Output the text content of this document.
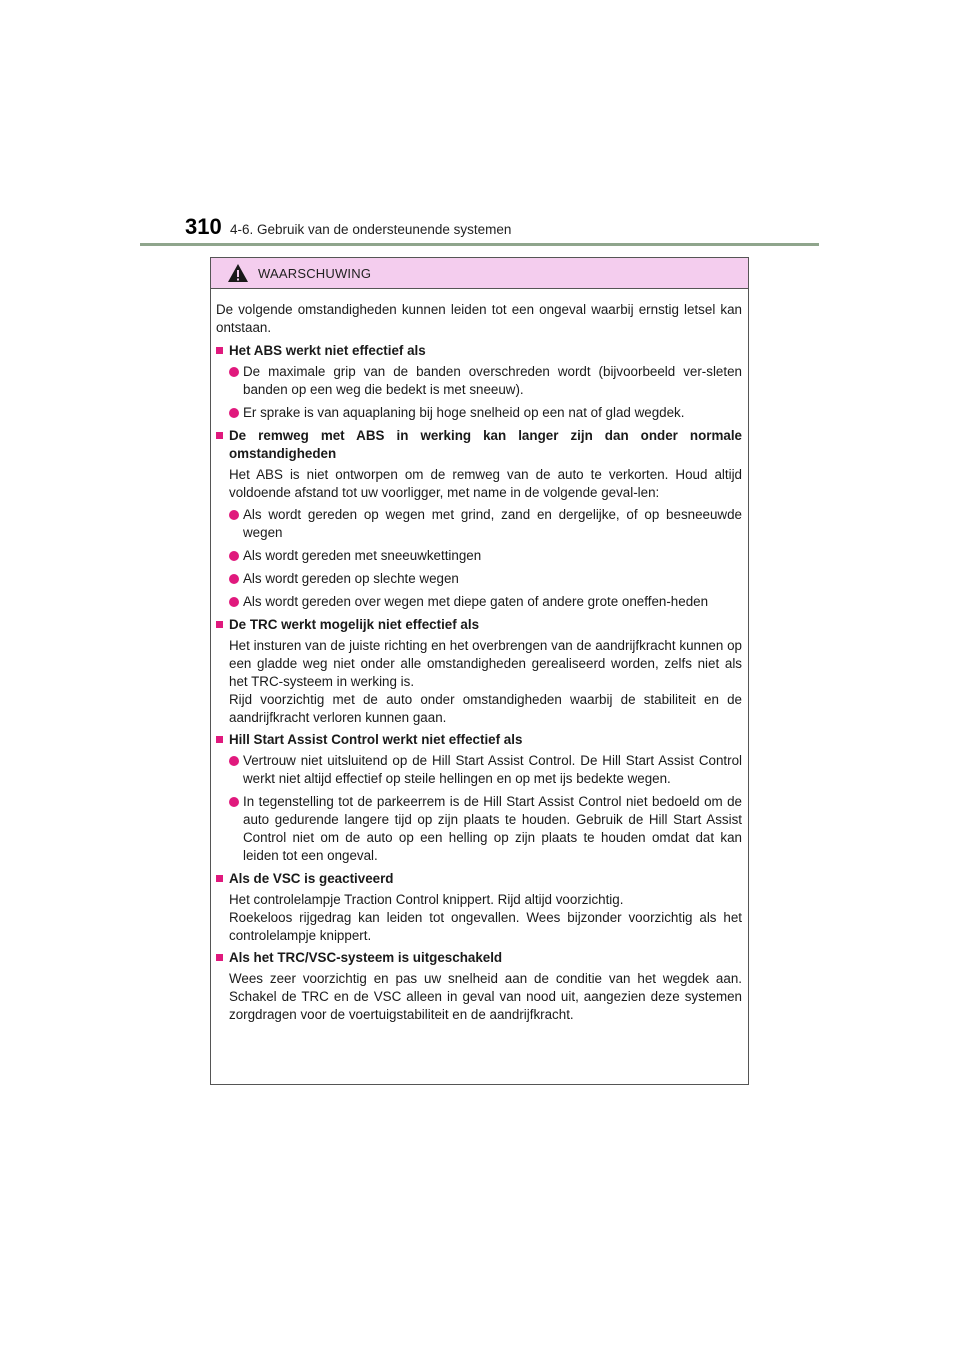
310 4-6. Gebruik van de ondersteunende systemen
WAARSCHUWING

De volgende omstandigheden kunnen leiden tot een ongeval waarbij ernstig letsel kan ontstaan.

Het ABS werkt niet effectief als
De maximale grip van de banden overschreden wordt (bijvoorbeeld ver-sleten banden op een weg die bedekt is met sneeuw).
Er sprake is van aquaplaning bij hoge snelheid op een nat of glad wegdek.
De remweg met ABS in werking kan langer zijn dan onder normale omstandigheden

Het ABS is niet ontworpen om de remweg van de auto te verkorten. Houd altijd voldoende afstand tot uw voorligger, met name in de volgende geval-len:

Als wordt gereden op wegen met grind, zand en dergelijke, of op besneeuwde wegen
Als wordt gereden met sneeuwkettingen
Als wordt gereden op slechte wegen
Als wordt gereden over wegen met diepe gaten of andere grote oneffen-heden
De TRC werkt mogelijk niet effectief als

Het insturen van de juiste richting en het overbrengen van de aandrijfkracht kunnen op een gladde weg niet onder alle omstandigheden gerealiseerd worden, zelfs niet als het TRC-systeem in werking is.

Rijd voorzichtig met de auto onder omstandigheden waarbij de stabiliteit en de aandrijfkracht verloren kunnen gaan.

Hill Start Assist Control werkt niet effectief als
Vertrouw niet uitsluitend op de Hill Start Assist Control. De Hill Start Assist Control werkt niet altijd effectief op steile hellingen en op met ijs bedekte wegen.
In tegenstelling tot de parkeerrem is de Hill Start Assist Control niet bedoeld om de auto gedurende langere tijd op zijn plaats te houden. Gebruik de Hill Start Assist Control niet om de auto op een helling op zijn plaats te houden omdat dat kan leiden tot een ongeval.
Als de VSC is geactiveerd

Het controlelampje Traction Control knippert. Rijd altijd voorzichtig.

Roekeloos rijgedrag kan leiden tot ongevallen. Wees bijzonder voorzichtig als het controlelampje knippert.

Als het TRC/VSC-systeem is uitgeschakeld

Wees zeer voorzichtig en pas uw snelheid aan de conditie van het wegdek aan. Schakel de TRC en de VSC alleen in geval van nood uit, aangezien deze systemen zorgdragen voor de voertuigstabiliteit en de aandrijfkracht.
